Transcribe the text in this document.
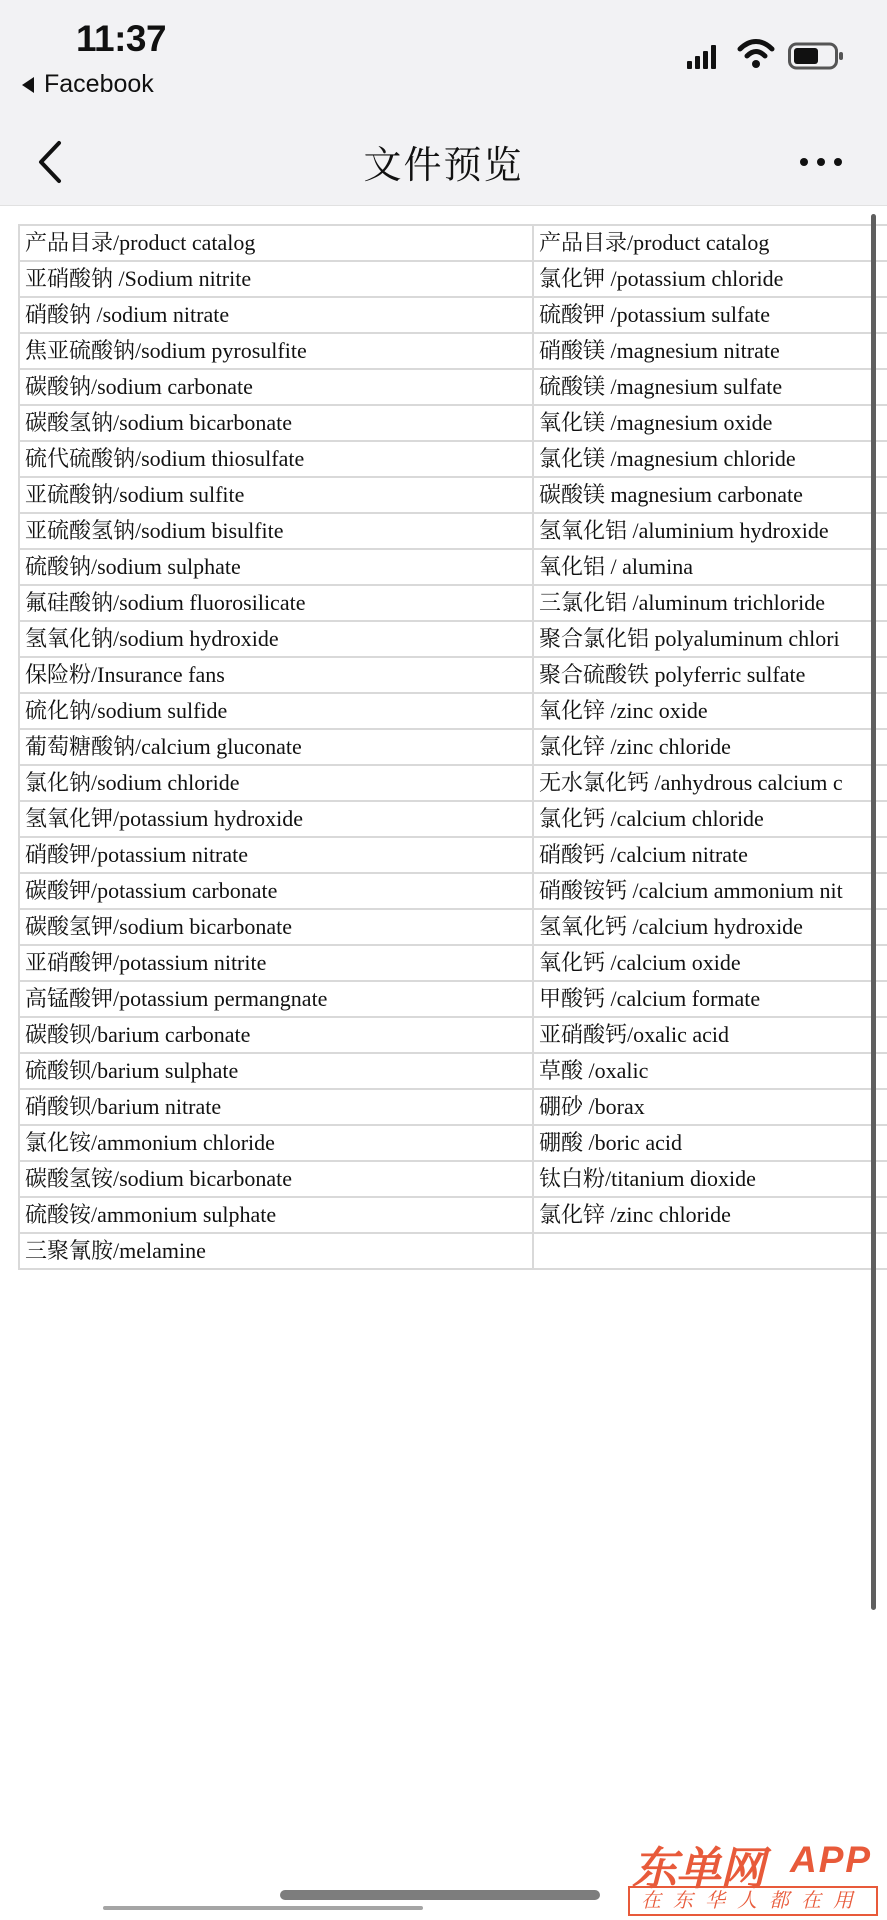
11:37
Facebook
文件预览
产品目录/product catalog	产品目录/product catalog
亚硝酸钠 /Sodium nitrite	氯化钾 /potassium chloride
硝酸钠 /sodium nitrate	硫酸钾 /potassium sulfate
焦亚硫酸钠/sodium pyrosulfite	硝酸镁 /magnesium nitrate
碳酸钠/sodium carbonate	硫酸镁 /magnesium sulfate
碳酸氢钠/sodium bicarbonate	氧化镁 /magnesium oxide
硫代硫酸钠/sodium thiosulfate	氯化镁 /magnesium chloride
亚硫酸钠/sodium sulfite	碳酸镁 magnesium carbonate
亚硫酸氢钠/sodium bisulfite	氢氧化铝 /aluminium hydroxide
硫酸钠/sodium sulphate	氧化铝 / alumina
氟硅酸钠/sodium fluorosilicate	三氯化铝 /aluminum trichloride
氢氧化钠/sodium hydroxide	聚合氯化铝 polyaluminum chlori
保险粉/Insurance fans	聚合硫酸铁 polyferric sulfate
硫化钠/sodium sulfide	氧化锌 /zinc oxide
葡萄糖酸钠/calcium gluconate	氯化锌 /zinc chloride
氯化钠/sodium chloride	无水氯化钙 /anhydrous calcium c
氢氧化钾/potassium hydroxide	氯化钙 /calcium chloride
硝酸钾/potassium nitrate	硝酸钙 /calcium nitrate
碳酸钾/potassium carbonate	硝酸铵钙 /calcium ammonium nit
碳酸氢钾/sodium bicarbonate	氢氧化钙 /calcium hydroxide
亚硝酸钾/potassium nitrite	氧化钙 /calcium oxide
高锰酸钾/potassium permangnate	甲酸钙 /calcium formate
碳酸钡/barium carbonate	亚硝酸钙/oxalic acid
硫酸钡/barium sulphate	草酸 /oxalic
硝酸钡/barium nitrate	硼砂 /borax
氯化铵/ammonium chloride	硼酸 /boric acid
碳酸氢铵/sodium bicarbonate	钛白粉/titanium dioxide
硫酸铵/ammonium sulphate	氯化锌 /zinc chloride
三聚氰胺/melamine	
东单网 APP
在东华人都在用
